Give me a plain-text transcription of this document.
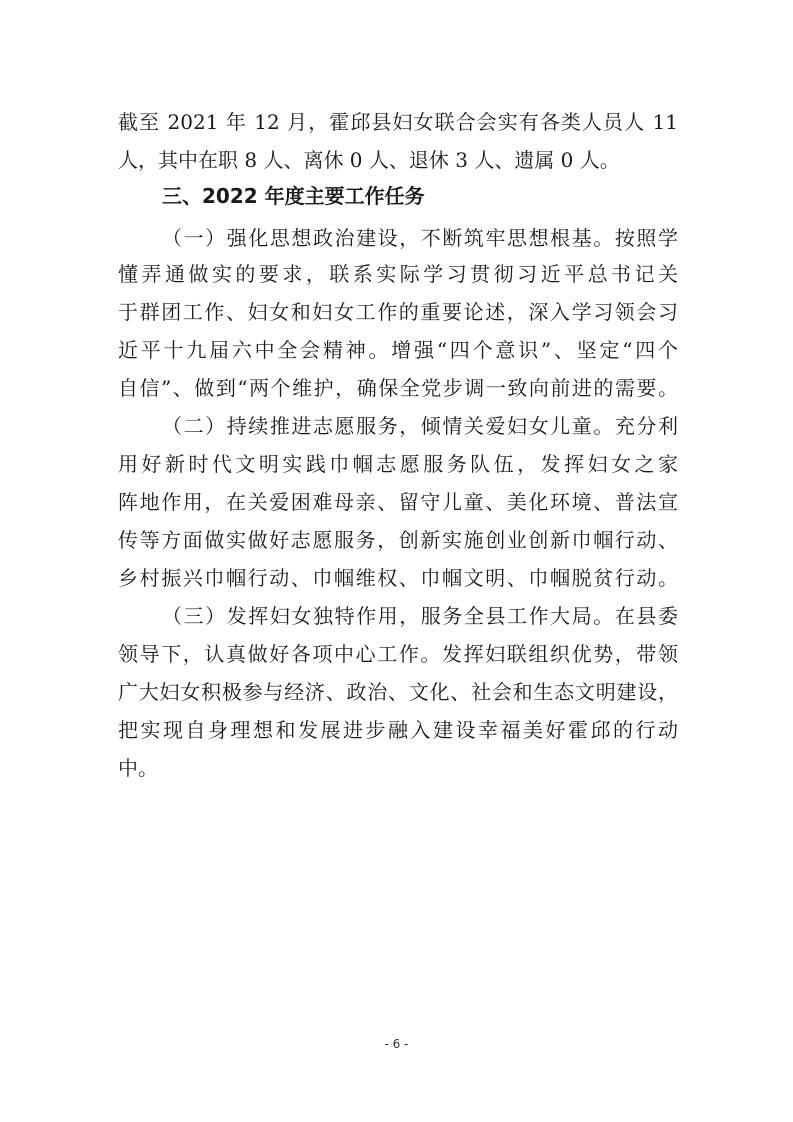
截至 2021 年 12 月，霍邱县妇女联合会实有各类人员人 11
人，其中在职 8 人、离休 0 人、退休 3 人、遗属 0 人。
三、2022 年度主要工作任务
（一）强化思想政治建设，不断筑牢思想根基。按照学
懂弄通做实的要求，联系实际学习贯彻习近平总书记关
于群团工作、妇女和妇女工作的重要论述，深入学习领会习
近平十九届六中全会精神。增强“四个意识”、坚定“四个
自信”、做到“两个维护，确保全党步调一致向前进的需要。
（二）持续推进志愿服务，倾情关爱妇女儿童。充分利
用好新时代文明实践巾帼志愿服务队伍，发挥妇女之家
阵地作用，在关爱困难母亲、留守儿童、美化环境、普法宣
传等方面做实做好志愿服务，创新实施创业创新巾帼行动、
乡村振兴巾帼行动、巾帼维权、巾帼文明、巾帼脱贫行动。
（三）发挥妇女独特作用，服务全县工作大局。在县委
领导下，认真做好各项中心工作。发挥妇联组织优势，带领
广大妇女积极参与经济、政治、文化、社会和生态文明建设，
把实现自身理想和发展进步融入建设幸福美好霍邱的行动
中。
- 6 -
